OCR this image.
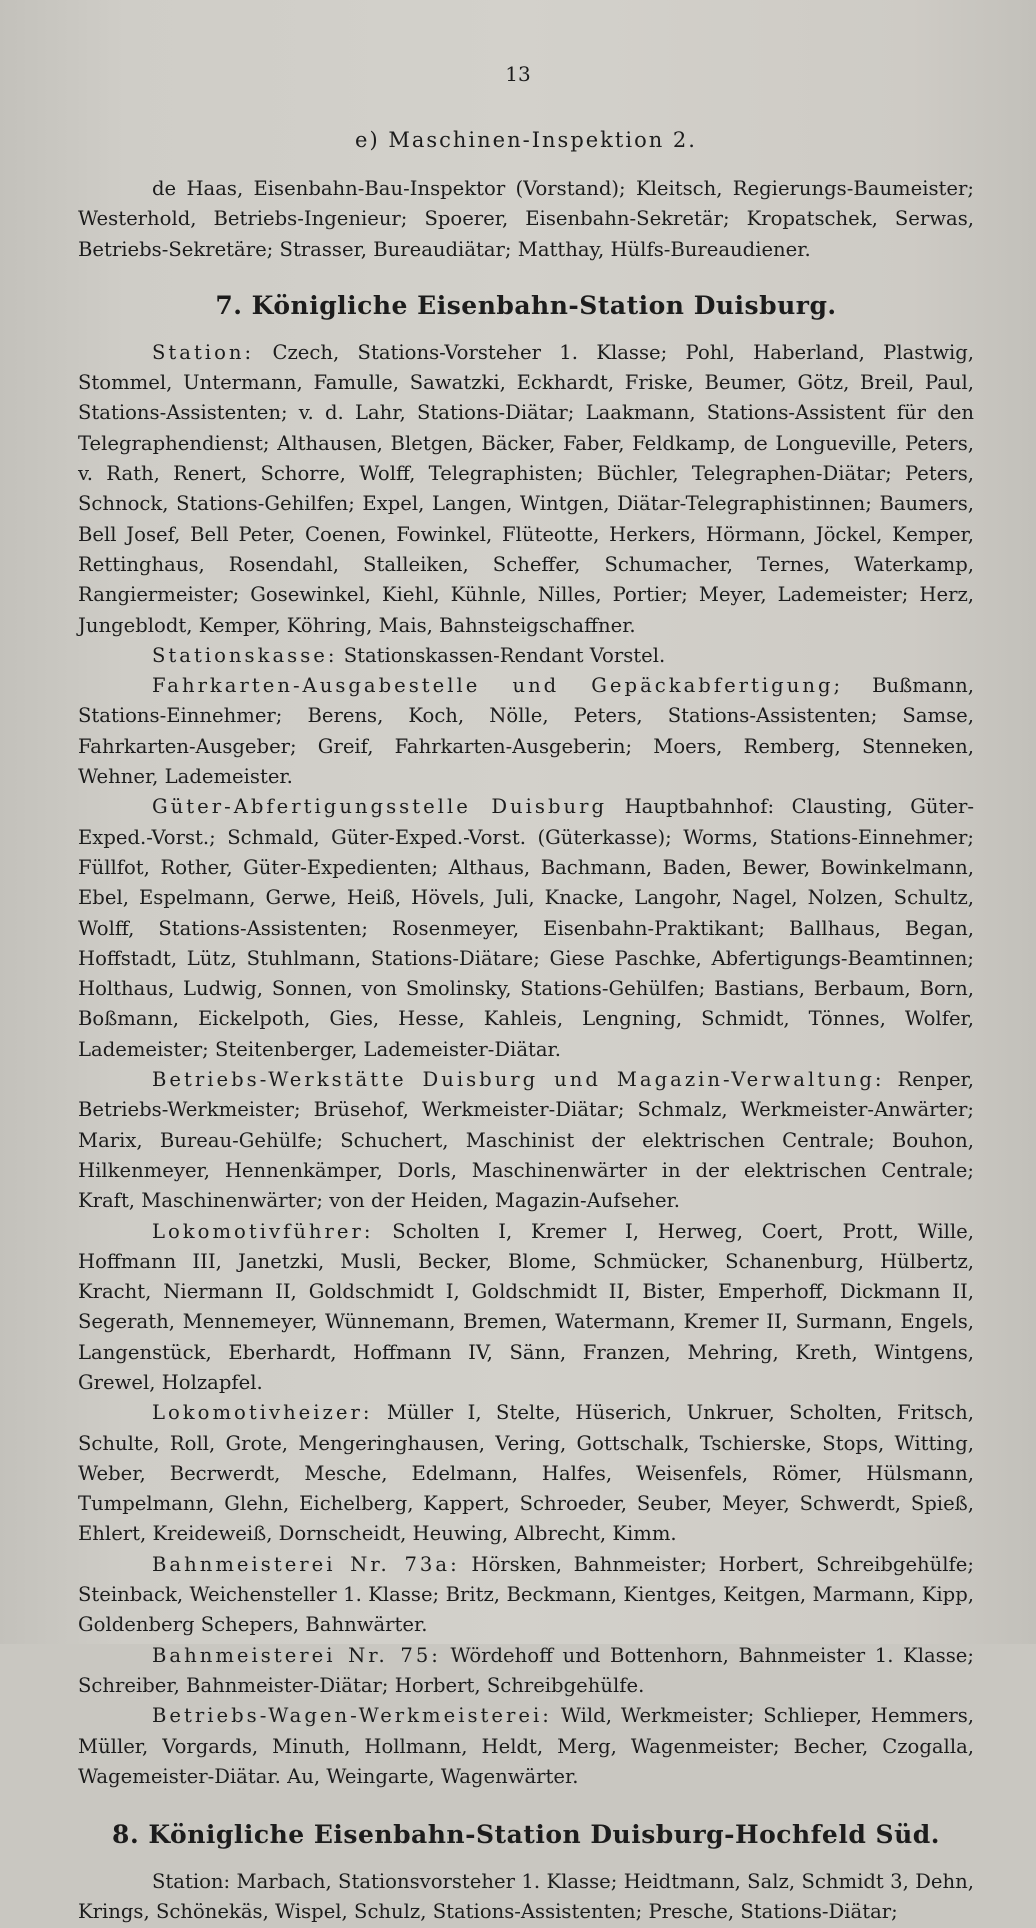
13
e) Maschinen-Inspektion 2.

de Haas, Eisenbahn-Bau-Inspektor (Vorstand); Kleitsch, Regierungs-Baumeister; Westerhold, Betriebs-Ingenieur; Spoerer, Eisenbahn-Sekretär; Kropatschek, Serwas, Betriebs-Sekretäre; Strasser, Bureaudiätar; Matthay, Hülfs-Bureaudiener.

7. Königliche Eisenbahn-Station Duisburg.

Station: Czech, Stations-Vorsteher 1. Klasse; Pohl, Haberland, Plastwig, Stommel, Untermann, Famulle, Sawatzki, Eckhardt, Friske, Beumer, Götz, Breil, Paul, Stations-Assistenten; v. d. Lahr, Stations-Diätar; Laakmann, Stations-Assistent für den Telegraphendienst; Althausen, Bletgen, Bäcker, Faber, Feldkamp, de Longueville, Peters, v. Rath, Renert, Schorre, Wolff, Telegraphisten; Büchler, Telegraphen-Diätar; Peters, Schnock, Stations-Gehilfen; Expel, Langen, Wintgen, Diätar-Telegraphistinnen; Baumers, Bell Josef, Bell Peter, Coenen, Fowinkel, Flüteotte, Herkers, Hörmann, Jöckel, Kemper, Rettinghaus, Rosendahl, Stalleiken, Scheffer, Schumacher, Ternes, Waterkamp, Rangiermeister; Gosewinkel, Kiehl, Kühnle, Nilles, Portier; Meyer, Lademeister; Herz, Jungeblodt, Kemper, Köhring, Mais, Bahnsteigschaffner.

Stationskasse: Stationskassen-Rendant Vorstel.

Fahrkarten-Ausgabestelle und Gepäckabfertigung; Bußmann, Stations-Einnehmer; Berens, Koch, Nölle, Peters, Stations-Assistenten; Samse, Fahrkarten-Ausgeber; Greif, Fahrkarten-Ausgeberin; Moers, Remberg, Stenneken, Wehner, Lademeister.

Güter-Abfertigungsstelle Duisburg Hauptbahnhof: Clausting, Güter-Exped.-Vorst.; Schmald, Güter-Exped.-Vorst. (Güterkasse); Worms, Stations-Einnehmer; Füllfot, Rother, Güter-Expedienten; Althaus, Bachmann, Baden, Bewer, Bowinkelmann, Ebel, Espelmann, Gerwe, Heiß, Hövels, Juli, Knacke, Langohr, Nagel, Nolzen, Schultz, Wolff, Stations-Assistenten; Rosenmeyer, Eisenbahn-Praktikant; Ballhaus, Began, Hoffstadt, Lütz, Stuhlmann, Stations-Diätare; Giese Paschke, Abfertigungs-Beamtinnen; Holthaus, Ludwig, Sonnen, von Smolinsky, Stations-Gehülfen; Bastians, Berbaum, Born, Boßmann, Eickelpoth, Gies, Hesse, Kahleis, Lengning, Schmidt, Tönnes, Wolfer, Lademeister; Steitenberger, Lademeister-Diätar.

Betriebs-Werkstätte Duisburg und Magazin-Verwaltung: Renper, Betriebs-Werkmeister; Brüsehof, Werkmeister-Diätar; Schmalz, Werkmeister-Anwärter; Marix, Bureau-Gehülfe; Schuchert, Maschinist der elektrischen Centrale; Bouhon, Hilkenmeyer, Hennenkämper, Dorls, Maschinenwärter in der elektrischen Centrale; Kraft, Maschinenwärter; von der Heiden, Magazin-Aufseher.

Lokomotivführer: Scholten I, Kremer I, Herweg, Coert, Prott, Wille, Hoffmann III, Janetzki, Musli, Becker, Blome, Schmücker, Schanenburg, Hülbertz, Kracht, Niermann II, Goldschmidt I, Goldschmidt II, Bister, Emperhoff, Dickmann II, Segerath, Mennemeyer, Wünnemann, Bremen, Watermann, Kremer II, Surmann, Engels, Langenstück, Eberhardt, Hoffmann IV, Sänn, Franzen, Mehring, Kreth, Wintgens, Grewel, Holzapfel.

Lokomotivheizer: Müller I, Stelte, Hüserich, Unkruer, Scholten, Fritsch, Schulte, Roll, Grote, Mengeringhausen, Vering, Gottschalk, Tschierske, Stops, Witting, Weber, Becrwerdt, Mesche, Edelmann, Halfes, Weisenfels, Römer, Hülsmann, Tumpelmann, Glehn, Eichelberg, Kappert, Schroeder, Seuber, Meyer, Schwerdt, Spieß, Ehlert, Kreideweiß, Dornscheidt, Heuwing, Albrecht, Kimm.

Bahnmeisterei Nr. 73a: Hörsken, Bahnmeister; Horbert, Schreibgehülfe; Steinback, Weichensteller 1. Klasse; Britz, Beckmann, Kientges, Keitgen, Marmann, Kipp, Goldenberg Schepers, Bahnwärter.

Bahnmeisterei Nr. 75: Wördehoff und Bottenhorn, Bahnmeister 1. Klasse; Schreiber, Bahnmeister-Diätar; Horbert, Schreibgehülfe.

Betriebs-Wagen-Werkmeisterei: Wild, Werkmeister; Schlieper, Hemmers, Müller, Vorgards, Minuth, Hollmann, Heldt, Merg, Wagenmeister; Becher, Czogalla, Wagemeister-Diätar. Au, Weingarte, Wagenwärter.

8. Königliche Eisenbahn-Station Duisburg-Hochfeld Süd.

Station: Marbach, Stationsvorsteher 1. Klasse; Heidtmann, Salz, Schmidt 3, Dehn, Krings, Schönekäs, Wispel, Schulz, Stations-Assistenten; Presche, Stations-Diätar;
